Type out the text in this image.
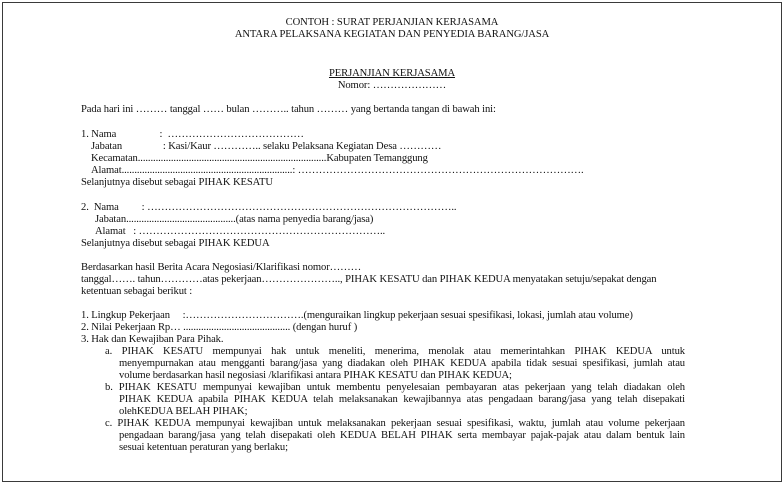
CONTOH : SURAT PERJANJIAN KERJASAMA
ANTARA PELAKSANA KEGIATAN DAN PENYEDIA BARANG/JASA
PERJANJIAN KERJASAMA
Nomor: …………………
Pada hari ini ……… tanggal …… bulan ……….. tahun ……… yang bertanda tangan di bawah ini:
1. Nama                 :  …………………………………
Jabatan                : Kasi/Kaur ………….. selaku Pelaksana Kegiatan Desa …………
Kecamatan..........................................................................Kabupaten Temanggung
Alamat...................................................................: ……………………………………………………………………….
Selanjutnya disebut sebagai PIHAK KESATU
2.  Nama         : ……………………………………………………………………………..
Jabatan...........................................(atas nama penyedia barang/jasa)
Alamat   : ……………………………………………………………..
Selanjutnya disebut sebagai PIHAK KEDUA
Berdasarkan hasil Berita Acara Negosiasi/Klarifikasi nomor………
tanggal……. tahun…………atas pekerjaan………………….., PIHAK KESATU dan PIHAK KEDUA menyatakan setuju/sepakat dengan
ketentuan sebagai berikut :
1. Lingkup Pekerjaan     :…………………………….(menguraikan lingkup pekerjaan sesuai spesifikasi, lokasi, jumlah atau volume)
2. Nilai Pekerjaan Rp… .......................................... (dengan huruf )
3. Hak dan Kewajiban Para Pihak.
a. PIHAK KESATU mempunyai hak untuk meneliti, menerima, menolak atau memerintahkan PIHAK KEDUA untuk
menyempurnakan atau mengganti barang/jasa yang diadakan oleh PIHAK KEDUA apabila tidak sesuai spesifikasi, jumlah atau
volume berdasarkan hasil negosiasi /klarifikasi antara PIHAK KESATU dan PIHAK KEDUA;
b. PIHAK KESATU mempunyai kewajiban untuk membentu penyelesaian pembayaran atas pekerjaan yang telah diadakan oleh
PIHAK KEDUA apabila PIHAK KEDUA telah melaksanakan kewajibannya atas pengadaan barang/jasa yang telah disepakati
olehKEDUA BELAH PIHAK;
c. PIHAK KEDUA mempunyai kewajiban untuk melaksanakan pekerjaan sesuai spesifikasi, waktu, jumlah atau volume pekerjaan
pengadaan barang/jasa yang telah disepakati oleh KEDUA BELAH PIHAK serta membayar pajak-pajak atau dalam bentuk lain
sesuai ketentuan peraturan yang berlaku;
